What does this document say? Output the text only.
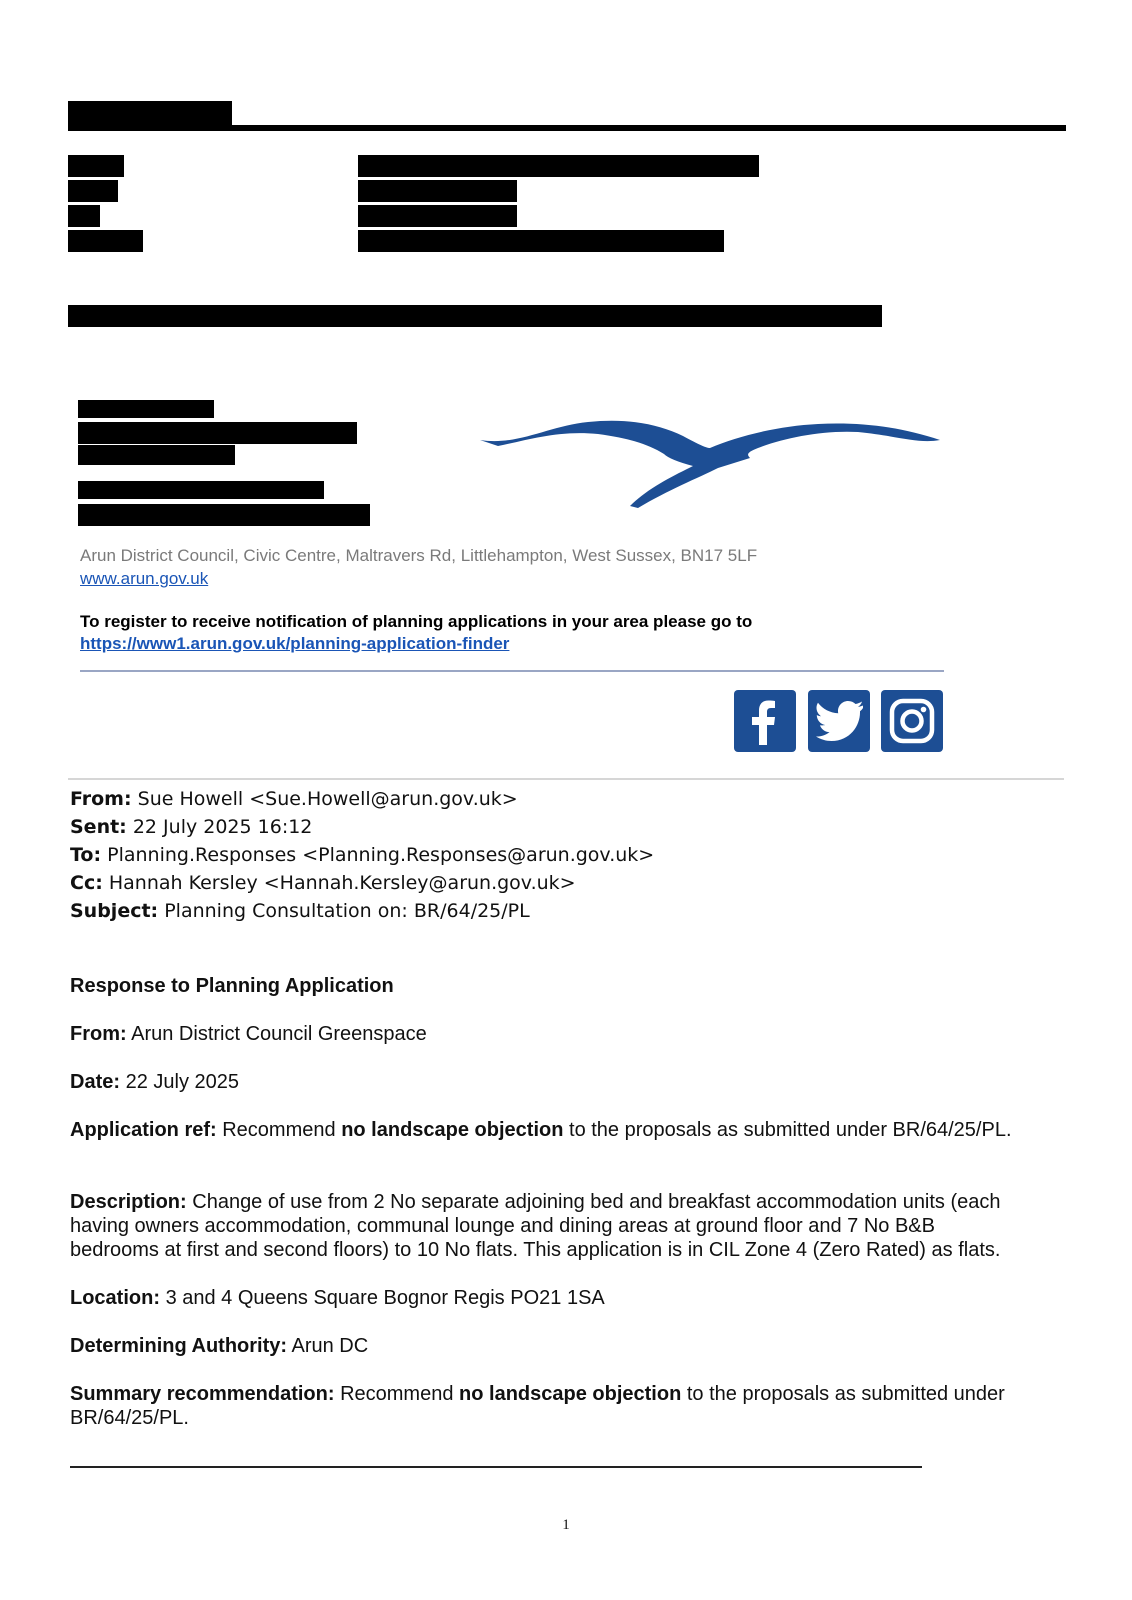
Arun District Council, Civic Centre, Maltravers Rd, Littlehampton, West Sussex, BN17 5LF
www.arun.gov.uk
To register to receive notification of planning applications in your area please go to
https://www1.arun.gov.uk/planning-application-finder
From: Sue Howell <Sue.Howell@arun.gov.uk>
Sent: 22 July 2025 16:12
To: Planning.Responses <Planning.Responses@arun.gov.uk>
Cc: Hannah Kersley <Hannah.Kersley@arun.gov.uk>
Subject: Planning Consultation on: BR/64/25/PL
Response to Planning Application
From: Arun District Council Greenspace
Date: 22 July 2025
Application ref: Recommend no landscape objection to the proposals as submitted under BR/64/25/PL.
Description: Change of use from 2 No separate adjoining bed and breakfast accommodation units (each
having owners accommodation, communal lounge and dining areas at ground floor and 7 No B&B
bedrooms at first and second floors) to 10 No flats. This application is in CIL Zone 4 (Zero Rated) as flats.
Location: 3 and 4 Queens Square Bognor Regis PO21 1SA
Determining Authority: Arun DC
Summary recommendation: Recommend no landscape objection to the proposals as submitted under
BR/64/25/PL.
1
